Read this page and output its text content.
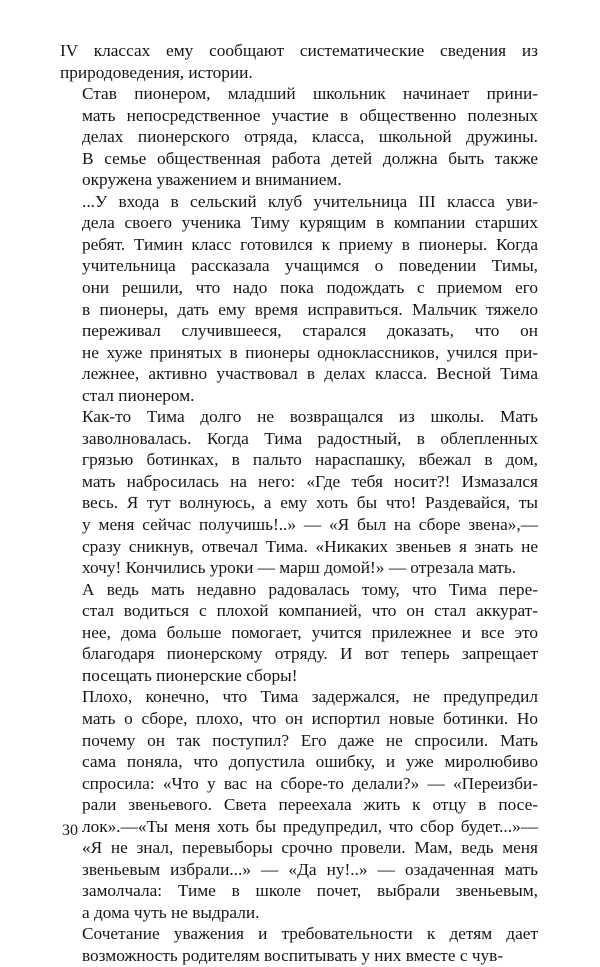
IV классах ему сообщают систематические сведения из
природоведения, истории.
Став пионером, младший школьник начинает прини-
мать непосредственное участие в общественно полезных
делах пионерского отряда, класса, школьной дружины.
В семье общественная работа детей должна быть также
окружена уважением и вниманием.
...У входа в сельский клуб учительница III класса уви-
дела своего ученика Тиму курящим в компании старших
ребят. Тимин класс готовился к приему в пионеры. Когда
учительница рассказала учащимся о поведении Тимы,
они решили, что надо пока подождать с приемом его
в пионеры, дать ему время исправиться. Мальчик тяжело
переживал случившееся, старался доказать, что он
не хуже принятых в пионеры одноклассников, учился при-
лежнее, активно участвовал в делах класса. Весной Тима
стал пионером.
Как-то Тима долго не возвращался из школы. Мать
заволновалась. Когда Тима радостный, в облепленных
грязью ботинках, в пальто нараспашку, вбежал в дом,
мать набросилась на него: «Где тебя носит?! Измазался
весь. Я тут волнуюсь, а ему хоть бы что! Раздевайся, ты
у меня сейчас получишь!..» — «Я был на сборе звена»,—
сразу сникнув, отвечал Тима. «Никаких звеньев я знать не
хочу! Кончились уроки — марш домой!» — отрезала мать.
А ведь мать недавно радовалась тому, что Тима пере-
стал водиться с плохой компанией, что он стал аккурат-
нее, дома больше помогает, учится прилежнее и все это
благодаря пионерскому отряду. И вот теперь запрещает
посещать пионерские сборы!
Плохо, конечно, что Тима задержался, не предупредил
мать о сборе, плохо, что он испортил новые ботинки. Но
почему он так поступил? Его даже не спросили. Мать
сама поняла, что допустила ошибку, и уже миролюбиво
спросила: «Что у вас на сборе-то делали?» — «Переизби-
рали звеньевого. Света переехала жить к отцу в посе-
лок».—«Ты меня хоть бы предупредил, что сбор будет...»—
«Я не знал, перевыборы срочно провели. Мам, ведь меня
звеньевым избрали...» — «Да ну!..» — озадаченная мать
замолчала: Тиме в школе почет, выбрали звеньевым,
а дома чуть не выдрали.
Сочетание уважения и требовательности к детям дает
возможность родителям воспитывать у них вместе с чув-
30
